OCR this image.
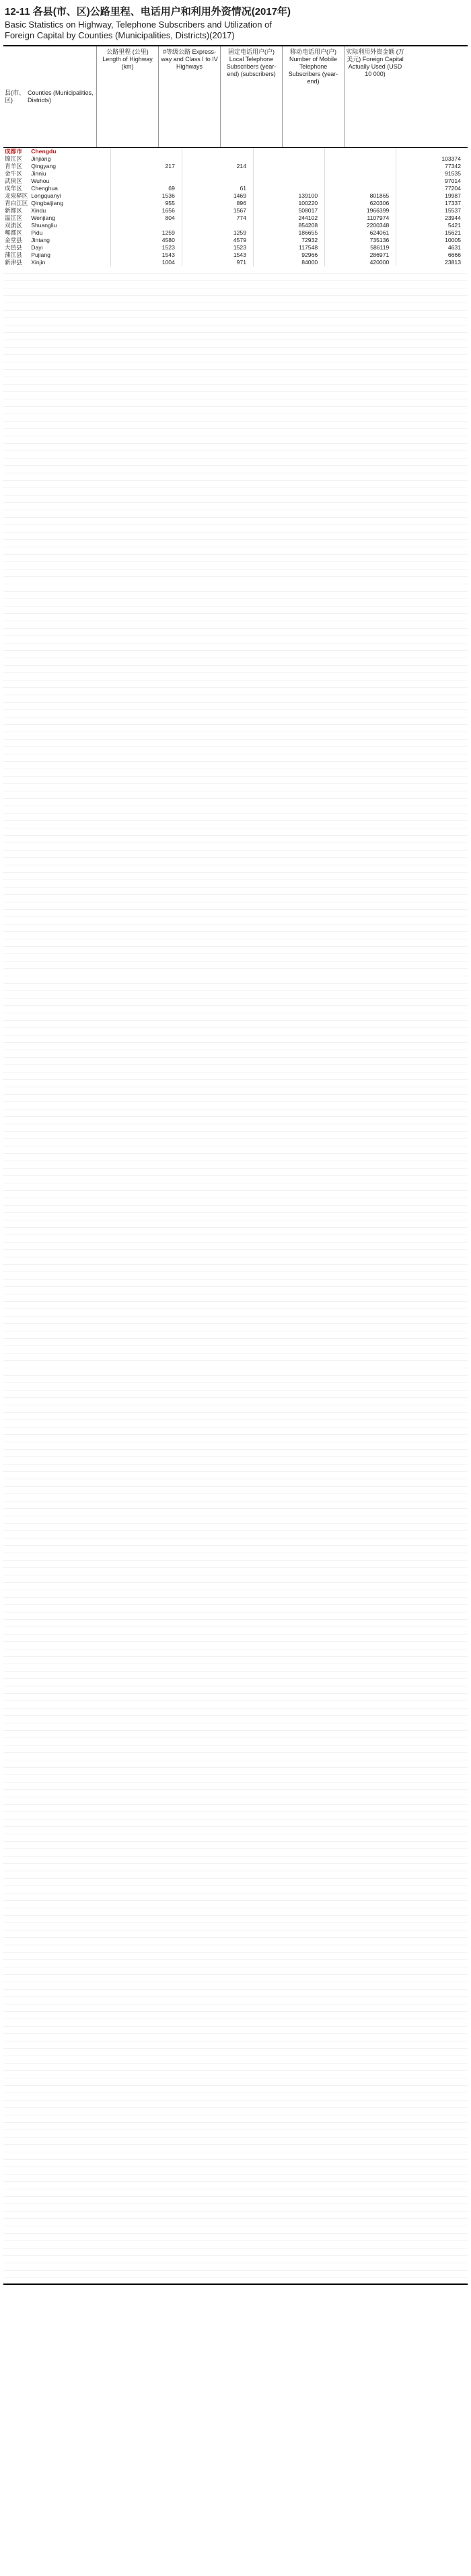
12-11 各县(市、区)公路里程、电话用户和利用外资情况(2017年)
Basic Statistics on Highway, Telephone Subscribers and Utilization of
Foreign Capital by Counties (Municipalities, Districts)(2017)
县(市、区)
Counties (Municipalities, Districts)
公路里程 (公里) Length of Highway (km)
#等级公路 Express-way and Class I to IV Highways
固定电话用户(户) Local Telephone Subscribers (year-end) (subscribers)
移动电话用户(户) Number of Mobile Telephone Subscribers (year-end)
实际利用外资金额 (万美元) Foreign Capital Actually Used (USD 10 000)
成都市	Chengdu					
锦江区	Jinjiang					103374
青羊区	Qingyang	217	214			77342
金牛区	Jinniu					91535
武侯区	Wuhou					97014
成华区	Chenghua	69	61			77204
龙泉驿区	Longquanyi	1536	1469	139100	801865	19987
青白江区	Qingbaijiang	955	896	100220	620306	17337
新都区	Xindu	1656	1567	508017	1966399	15537
温江区	Wenjiang	804	774	244102	1107974	23944
双流区	Shuangliu			854208	2200348	5421
郫都区	Pidu	1259	1259	186655	624061	15621
金堂县	Jintang	4580	4579	72932	735136	10005
大邑县	Dayi	1523	1523	117548	586119	4631
蒲江县	Pujiang	1543	1543	92966	286971	6666
新津县	Xinjin	1004	971	84000	420000	23813
